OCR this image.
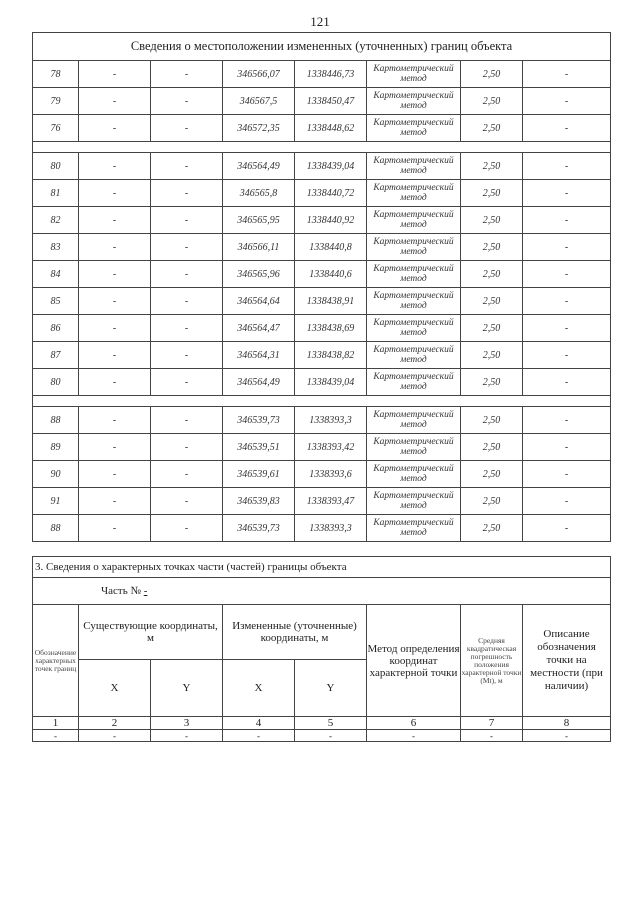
121
Сведения о местоположении измененных (уточненных) границ объекта							
78	-	-	346566,07	1338446,73	Картометрический метод	2,50	-
79	-	-	346567,5	1338450,47	Картометрический метод	2,50	-
76	-	-	346572,35	1338448,62	Картометрический метод	2,50	-

80	-	-	346564,49	1338439,04	Картометрический метод	2,50	-
81	-	-	346565,8	1338440,72	Картометрический метод	2,50	-
82	-	-	346565,95	1338440,92	Картометрический метод	2,50	-
83	-	-	346566,11	1338440,8	Картометрический метод	2,50	-
84	-	-	346565,96	1338440,6	Картометрический метод	2,50	-
85	-	-	346564,64	1338438,91	Картометрический метод	2,50	-
86	-	-	346564,47	1338438,69	Картометрический метод	2,50	-
87	-	-	346564,31	1338438,82	Картометрический метод	2,50	-
80	-	-	346564,49	1338439,04	Картометрический метод	2,50	-

88	-	-	346539,73	1338393,3	Картометрический метод	2,50	-
89	-	-	346539,51	1338393,42	Картометрический метод	2,50	-
90	-	-	346539,61	1338393,6	Картометрический метод	2,50	-
91	-	-	346539,83	1338393,47	Картометрический метод	2,50	-
88	-	-	346539,73	1338393,3	Картометрический метод	2,50	-
3. Сведения о характерных точках части (частей) границы объекта							
Часть № -							
Обозначение характерных точек границ	Существующие координаты, м		Измененные (уточненные) координаты, м		Метод определения координат характерной точки	Средняя квадратическая погрешность положения характерной точки (Mt), м	Описание обозначения точки на местности (при наличии)
	X	Y	X	Y			
1	2	3	4	5	6	7	8
-	-	-	-	-	-	-	-
